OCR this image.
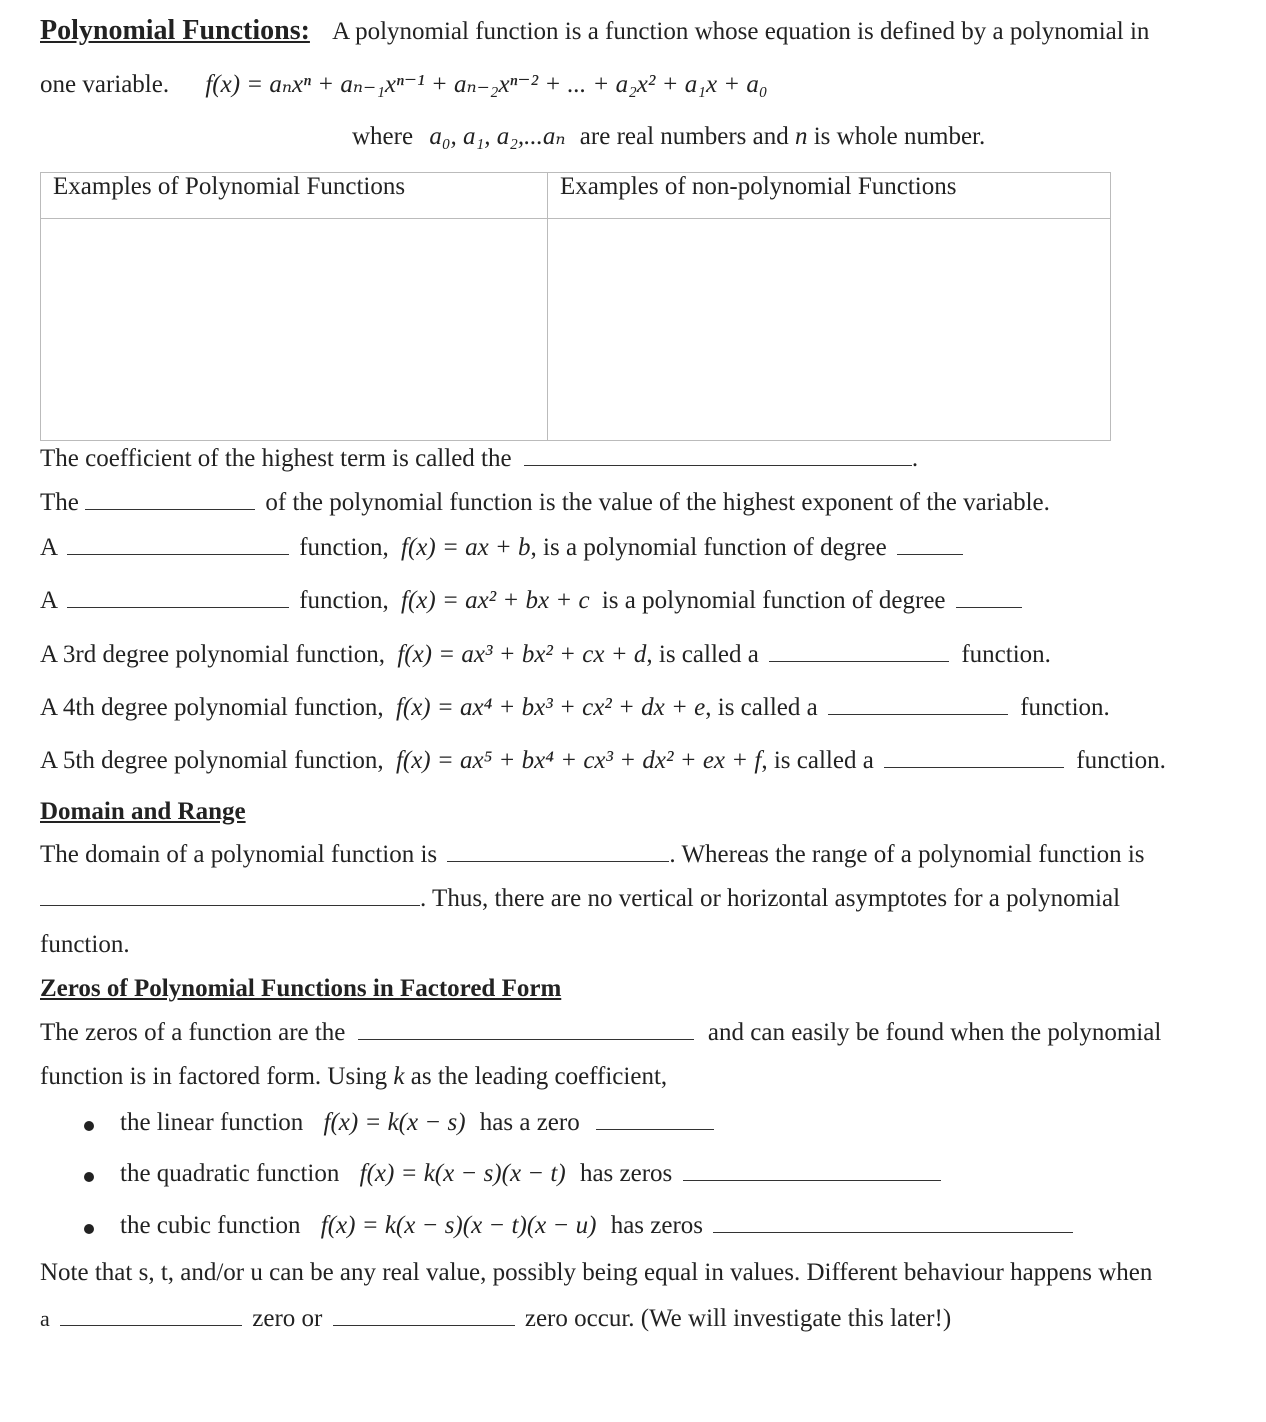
Polynomial Functions: A polynomial function is a function whose equation is defined by a polynomial in
one variable. f(x) = aₙxⁿ + aₙ₋₁xⁿ⁻¹ + aₙ₋₂xⁿ⁻² + ... + a₂x² + a₁x + a₀
where a₀, a₁, a₂,...aₙ are real numbers and n is whole number.
Examples of Polynomial Functions	Examples of non-polynomial Functions

The coefficient of the highest term is called the	.
The	of the polynomial function is the value of the highest exponent of the variable.
A	function, f(x) = ax + b, is a polynomial function of degree
A	function, f(x) = ax² + bx + c is a polynomial function of degree
A 3rd degree polynomial function, f(x) = ax³ + bx² + cx + d, is called a	function.
A 4th degree polynomial function, f(x) = ax⁴ + bx³ + cx² + dx + e, is called a	function.
A 5th degree polynomial function, f(x) = ax⁵ + bx⁴ + cx³ + dx² + ex + f, is called a	function.
Domain and Range
The domain of a polynomial function is	. Whereas the range of a polynomial function is
. Thus, there are no vertical or horizontal asymptotes for a polynomial
function.
Zeros of Polynomial Functions in Factored Form
The zeros of a function are the	and can easily be found when the polynomial
function is in factored form. Using k as the leading coefficient,
the linear function f(x) = k(x − s) has a zero
the quadratic function f(x) = k(x − s)(x − t) has zeros
the cubic function f(x) = k(x − s)(x − t)(x − u) has zeros
Note that s, t, and/or u can be any real value, possibly being equal in values. Different behaviour happens when
a	zero or	zero occur. (We will investigate this later!)
